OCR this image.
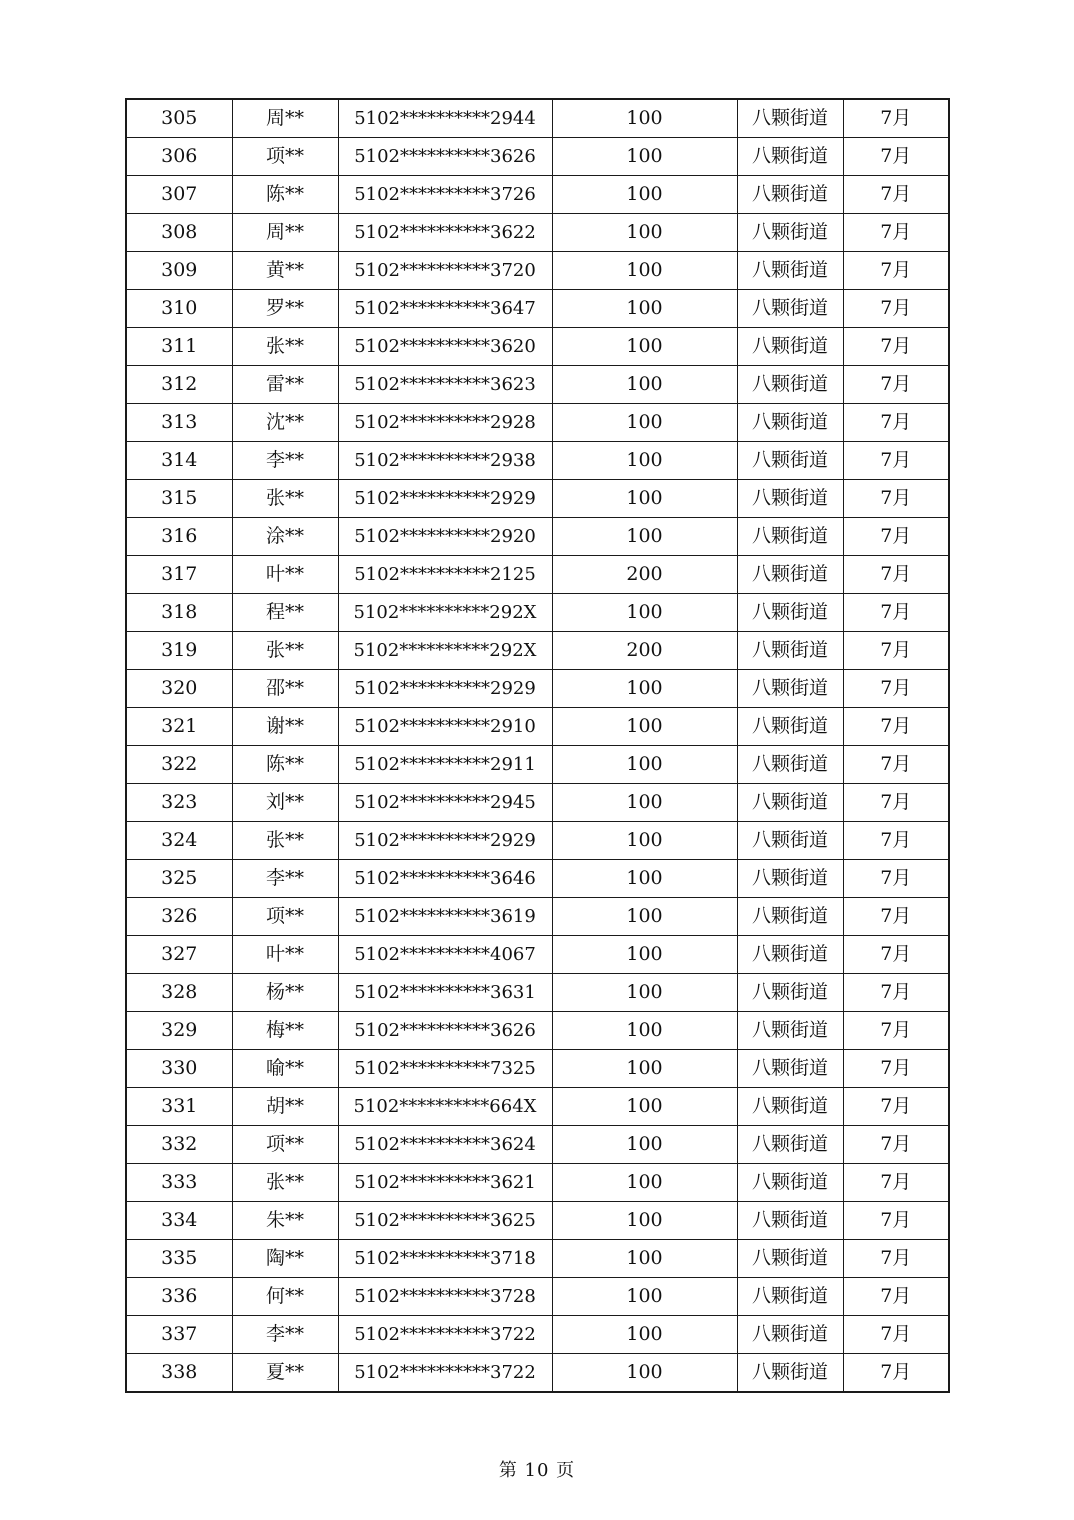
305	周**	5102**********2944	100	八颗街道	7月
306	项**	5102**********3626	100	八颗街道	7月
307	陈**	5102**********3726	100	八颗街道	7月
308	周**	5102**********3622	100	八颗街道	7月
309	黄**	5102**********3720	100	八颗街道	7月
310	罗**	5102**********3647	100	八颗街道	7月
311	张**	5102**********3620	100	八颗街道	7月
312	雷**	5102**********3623	100	八颗街道	7月
313	沈**	5102**********2928	100	八颗街道	7月
314	李**	5102**********2938	100	八颗街道	7月
315	张**	5102**********2929	100	八颗街道	7月
316	涂**	5102**********2920	100	八颗街道	7月
317	叶**	5102**********2125	200	八颗街道	7月
318	程**	5102**********292X	100	八颗街道	7月
319	张**	5102**********292X	200	八颗街道	7月
320	邵**	5102**********2929	100	八颗街道	7月
321	谢**	5102**********2910	100	八颗街道	7月
322	陈**	5102**********2911	100	八颗街道	7月
323	刘**	5102**********2945	100	八颗街道	7月
324	张**	5102**********2929	100	八颗街道	7月
325	李**	5102**********3646	100	八颗街道	7月
326	项**	5102**********3619	100	八颗街道	7月
327	叶**	5102**********4067	100	八颗街道	7月
328	杨**	5102**********3631	100	八颗街道	7月
329	梅**	5102**********3626	100	八颗街道	7月
330	喻**	5102**********7325	100	八颗街道	7月
331	胡**	5102**********664X	100	八颗街道	7月
332	项**	5102**********3624	100	八颗街道	7月
333	张**	5102**********3621	100	八颗街道	7月
334	朱**	5102**********3625	100	八颗街道	7月
335	陶**	5102**********3718	100	八颗街道	7月
336	何**	5102**********3728	100	八颗街道	7月
337	李**	5102**********3722	100	八颗街道	7月
338	夏**	5102**********3722	100	八颗街道	7月
第 10 页
